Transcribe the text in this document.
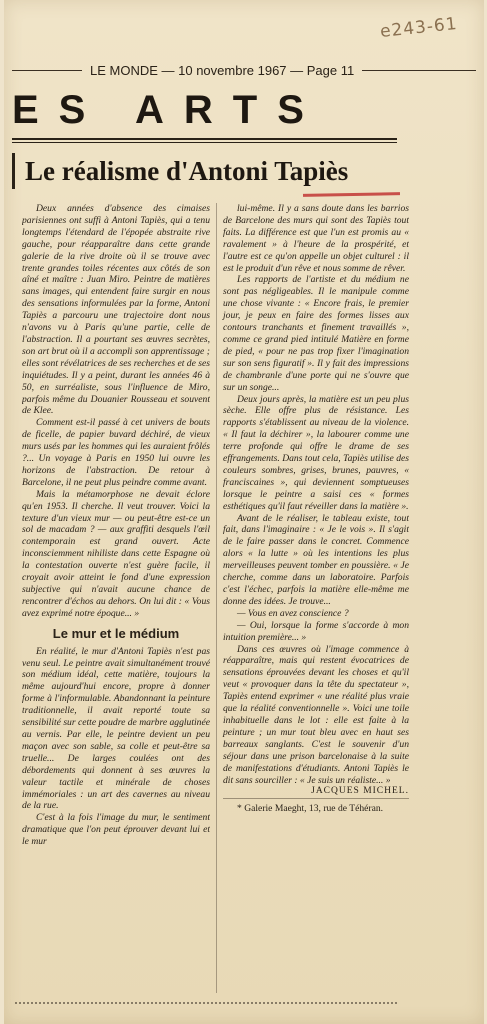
e243-61
LE MONDE — 10 novembre 1967 — Page 11
ES ARTS
Le réalisme d'Antoni Tapiès

Deux années d'absence des cimaises parisiennes ont suffi à Antoni Tapiès, qui a tenu longtemps l'étendard de l'épopée abstraite rive gauche, pour réapparaître dans cette grande galerie de la rive droite où il se trouve avec trente grandes toiles récentes aux côtés de son aîné et maître : Juan Miro. Peintre de matières sans images, qui entendent faire surgir en nous des sensations informulées par la forme, Antoni Tapiès a parcouru une trajectoire dont nous n'avons vu à Paris qu'une partie, celle de l'abstraction. Il a pourtant ses œuvres secrètes, son art brut où il a accompli son apprentissage ; elles sont révélatrices de ses recherches et de ses inquiétudes. Il y a peint, durant les années 46 à 50, en surréaliste, sous l'influence de Miro, parfois même du Douanier Rousseau et souvent de Klee.

Comment est-il passé à cet univers de bouts de ficelle, de papier buvard déchiré, de vieux murs usés par les hommes qui les auraient frôlés ?... Un voyage à Paris en 1950 lui ouvre les horizons de l'abstraction. De retour à Barcelone, il ne peut plus peindre comme avant.

Mais la métamorphose ne devait éclore qu'en 1953. Il cherche. Il veut trouver. Voici la texture d'un vieux mur — ou peut-être est-ce un sol de macadam ? — aux graffiti desquels l'œil contemporain est grand ouvert. Acte inconsciemment nihiliste dans cette Espagne où la contestation ouverte n'est guère facile, il croyait avoir atteint le fond d'une expression subjective qui n'avait aucune chance de rencontrer d'échos au dehors. On lui dit : « Vous avez exprimé notre époque... »

Le mur et le médium

En réalité, le mur d'Antoni Tapiès n'est pas venu seul. Le peintre avait simultanément trouvé son médium idéal, cette matière, toujours la même aujourd'hui encore, propre à donner forme à l'informulable. Abandonnant la peinture traditionnelle, il avait reporté toute sa sensibilité sur cette poudre de marbre agglutinée au vernis. Par elle, le peintre devient un peu maçon avec son sable, sa colle et peut-être sa truelle... De larges coulées ont des débordements qui donnent à ses œuvres la valeur tactile et minérale de choses immémoriales : un art des cavernes au niveau de la rue.

C'est à la fois l'image du mur, le sentiment dramatique que l'on peut éprouver devant lui et le mur

lui-même. Il y a sans doute dans les barrios de Barcelone des murs qui sont des Tapiès tout faits. La différence est que l'un est promis au « ravalement » à l'heure de la prospérité, et l'autre est ce qu'on appelle un objet culturel : il est le produit d'un rêve et nous somme de rêver.

Les rapports de l'artiste et du médium ne sont pas négligeables. Il le manipule comme une chose vivante : « Encore frais, le premier jour, je peux en faire des formes lisses aux contours tranchants et finement travaillés », comme ce grand pied intitulé Matière en forme de pied, « pour ne pas trop fixer l'imagination sur son sens figuratif ». Il y fait des impressions de chambranle d'une porte qui ne s'ouvre que sur un songe...

Deux jours après, la matière est un peu plus sèche. Elle offre plus de résistance. Les rapports s'établissent au niveau de la violence. « Il faut la déchirer », la labourer comme une terre profonde qui offre le drame de ses effrangements. Dans tout cela, Tapiès utilise des couleurs sombres, grises, brunes, pauvres, « franciscaines », qui deviennent somptueuses lorsque le peintre a saisi ces « formes esthétiques qu'il faut réveiller dans la matière ».

Avant de le réaliser, le tableau existe, tout fait, dans l'imaginaire : « Je le vois ». Il s'agit de le faire passer dans le concret. Commence alors « la lutte » où les intentions les plus merveilleuses peuvent tomber en poussière. « Je cherche, comme dans un laboratoire. Parfois c'est l'échec, parfois la matière elle-même me donne des idées. Je trouve...

— Vous en avez conscience ?

— Oui, lorsque la forme s'accorde à mon intuition première... »

Dans ces œuvres où l'image commence à réapparaître, mais qui restent évocatrices de sensations éprouvées devant les choses et qu'il veut « provoquer dans la tête du spectateur », Tapiès entend exprimer « une réalité plus vraie que la réalité conventionnelle ». Voici une toile inhabituelle dans le lot : elle est faite à la peinture ; un mur tout bleu avec en haut ses barreaux sanglants. C'est le souvenir d'un séjour dans une prison barcelonaise à la suite de manifestations d'étudiants. Antoni Tapiès le dit sans sourciller : « Je suis un réaliste... »

JACQUES MICHEL.

* Galerie Maeght, 13, rue de Téhéran.
